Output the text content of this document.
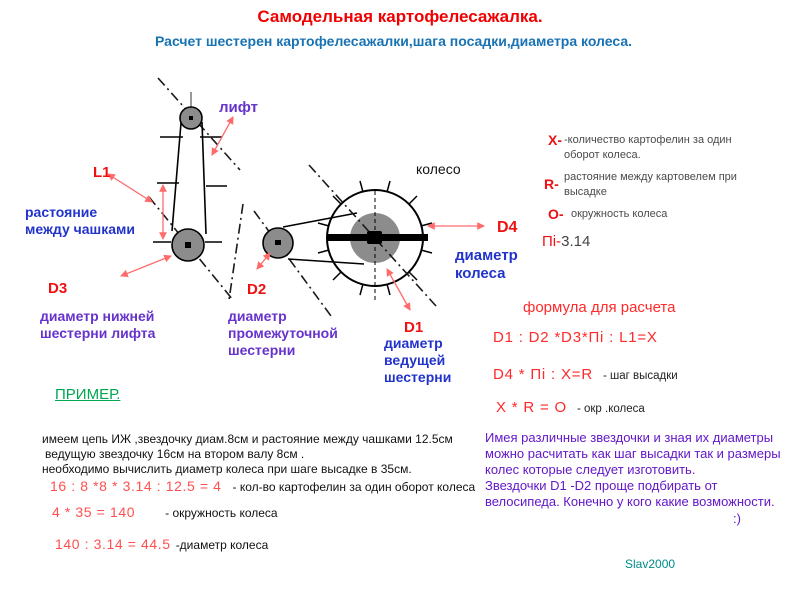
Самодельная картофелесажалка.
Расчет шестерен картофелесажалки,шага посадки,диаметра колеса.
лифт
L1
растояние между чашками
D3
диаметр нижней шестерни лифта
D2
диаметр промежуточной шестерни
колесо
D4
диаметр колеса
D1
диаметр ведущей шестерни
X- -количество картофелин за один оборот колеса.
R- растояние между картовелем при высадке
O- окружность колеса
Пi-3.14
формула для расчета
D1 : D2 *D3*Пi : L1=X
D4 * Пi : X=R - шаг высадки
X * R = O - окр .колеса
ПРИМЕР.
имеем цепь ИЖ ,звездочку диам.8см и растояние между чашками 12.5см
ведущую звездочку 16см на втором валу 8см .
необходимо вычислить диаметр колеса при шаге высадке в 35см.
16 : 8 *8 * 3.14 : 12.5 = 4 - кол-во картофелин за один оборот колеса
4 * 35 = 140	- окружность колеса
140 : 3.14 = 44.5 -диаметр колеса
Имея различные звездочки и зная их диаметры
можно расчитать как шаг высадки так и размеры
колес которые следует изготовить.
Звездочки D1 -D2 проще подбирать от
велосипеда. Конечно у кого какие возможности.
:)
Slav2000
